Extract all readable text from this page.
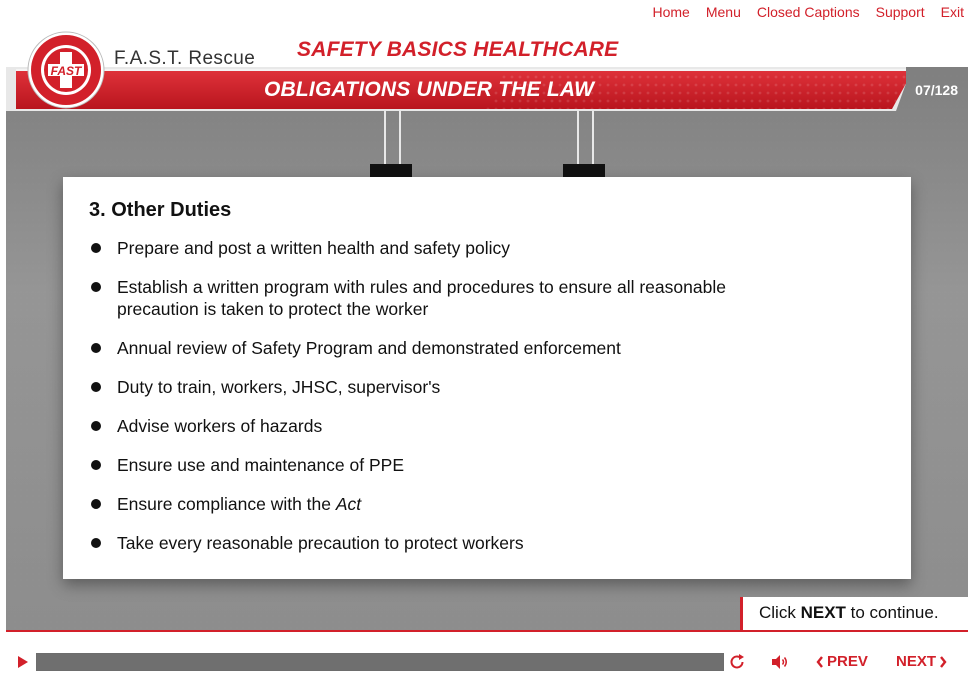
Home Menu Closed Captions Support Exit
OBLIGATIONS UNDER THE LAW	07/128
FAST
F.A.S.T. Rescue SAFETY BASICS HEALTHCARE
3. Other Duties
Prepare and post a written health and safety policy
Establish a written program with rules and procedures to ensure all reasonable precaution is taken to protect the worker
Annual review of Safety Program and demonstrated enforcement
Duty to train, workers, JHSC, supervisor's
Advise workers of hazards
Ensure use and maintenance of PPE
Ensure compliance with the Act
Take every reasonable precaution to protect workers
Click NEXT to continue.
PREV NEXT
